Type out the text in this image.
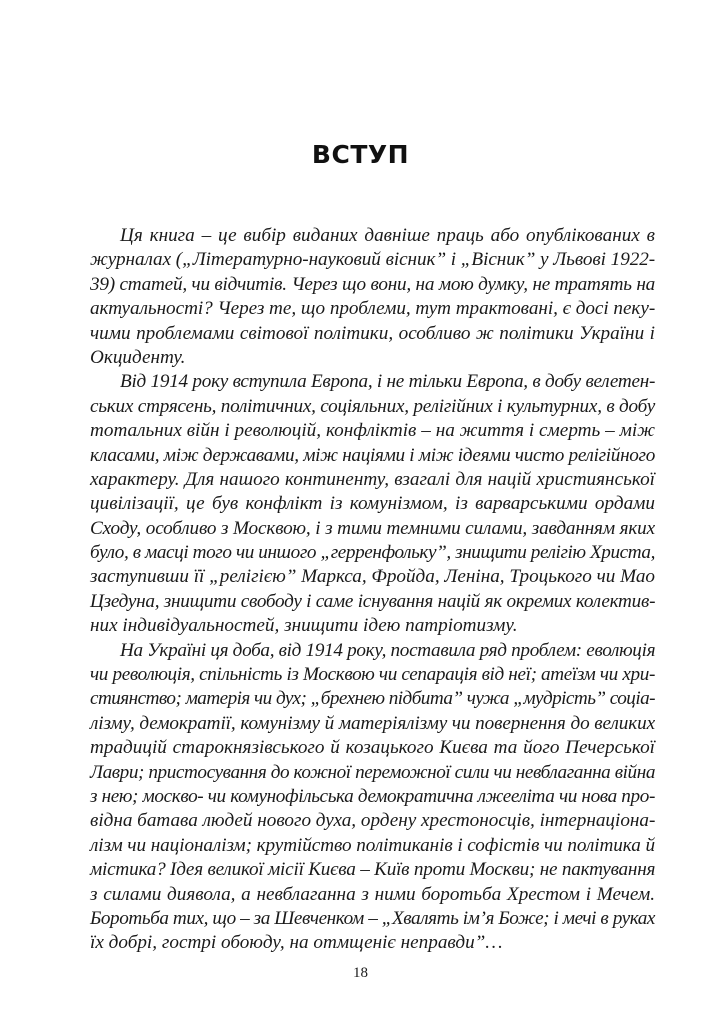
ВСТУП
Ця книга – це вибір виданих давніше праць або опублікованих в
журналах („Літературно-науковий вісник” і „Вісник” у Львові 1922-
39) статей, чи відчитів. Через що вони, на мою думку, не тратять на
актуальності? Через те, що проблеми, тут трактовані, є досі пеку-
чими проблемами світової політики, особливо ж політики України і
Окциденту.
Від 1914 року вступила Европа, і не тільки Европа, в добу велетен-
ських стрясень, політичних, соціяльних, релігійних і культурних, в добу
тотальних війн і революцій, конфліктів – на життя і смерть – між
класами, між державами, між націями і між ідеями чисто релігійного
характеру. Для нашого континенту, взагалі для націй християнської
цивілізації, це був конфлікт із комунізмом, із варварськими ордами
Сходу, особливо з Москвою, і з тими темними силами, завданням яких
було, в масці того чи иншого „герренфольку”, знищити релігію Христа,
заступивши її „релігією” Маркса, Фройда, Леніна, Троцького чи Мао
Цзедуна, знищити свободу і саме існування націй як окремих колектив-
них індивідуальностей, знищити ідею патріотизму.
На Україні ця доба, від 1914 року, поставила ряд проблем: еволюція
чи революція, спільність із Москвою чи сепарація від неї; атеїзм чи хри-
стиянство; матерія чи дух; „брехнею підбита” чужа „мудрість” соціа-
лізму, демократії, комунізму й матеріялізму чи повернення до великих
традицій старокнязівського й козацького Києва та його Печерської
Лаври; пристосування до кожної переможної сили чи невблаганна війна
з нею; москво- чи комунофільська демократична лжееліта чи нова про-
відна батава людей нового духа, ордену хрестоносців, інтернаціона-
лізм чи націоналізм; крутійство політиканів і софістів чи політика й
містика? Ідея великої місії Києва – Київ проти Москви; не пактування
з силами диявола, а невблаганна з ними боротьба Хрестом і Мечем.
Боротьба тих, що – за Шевченком – „Хвалять ім’я Боже; і мечі в руках
їх добрі, гострі обоюду, на отмщеніє неправди”…
18
